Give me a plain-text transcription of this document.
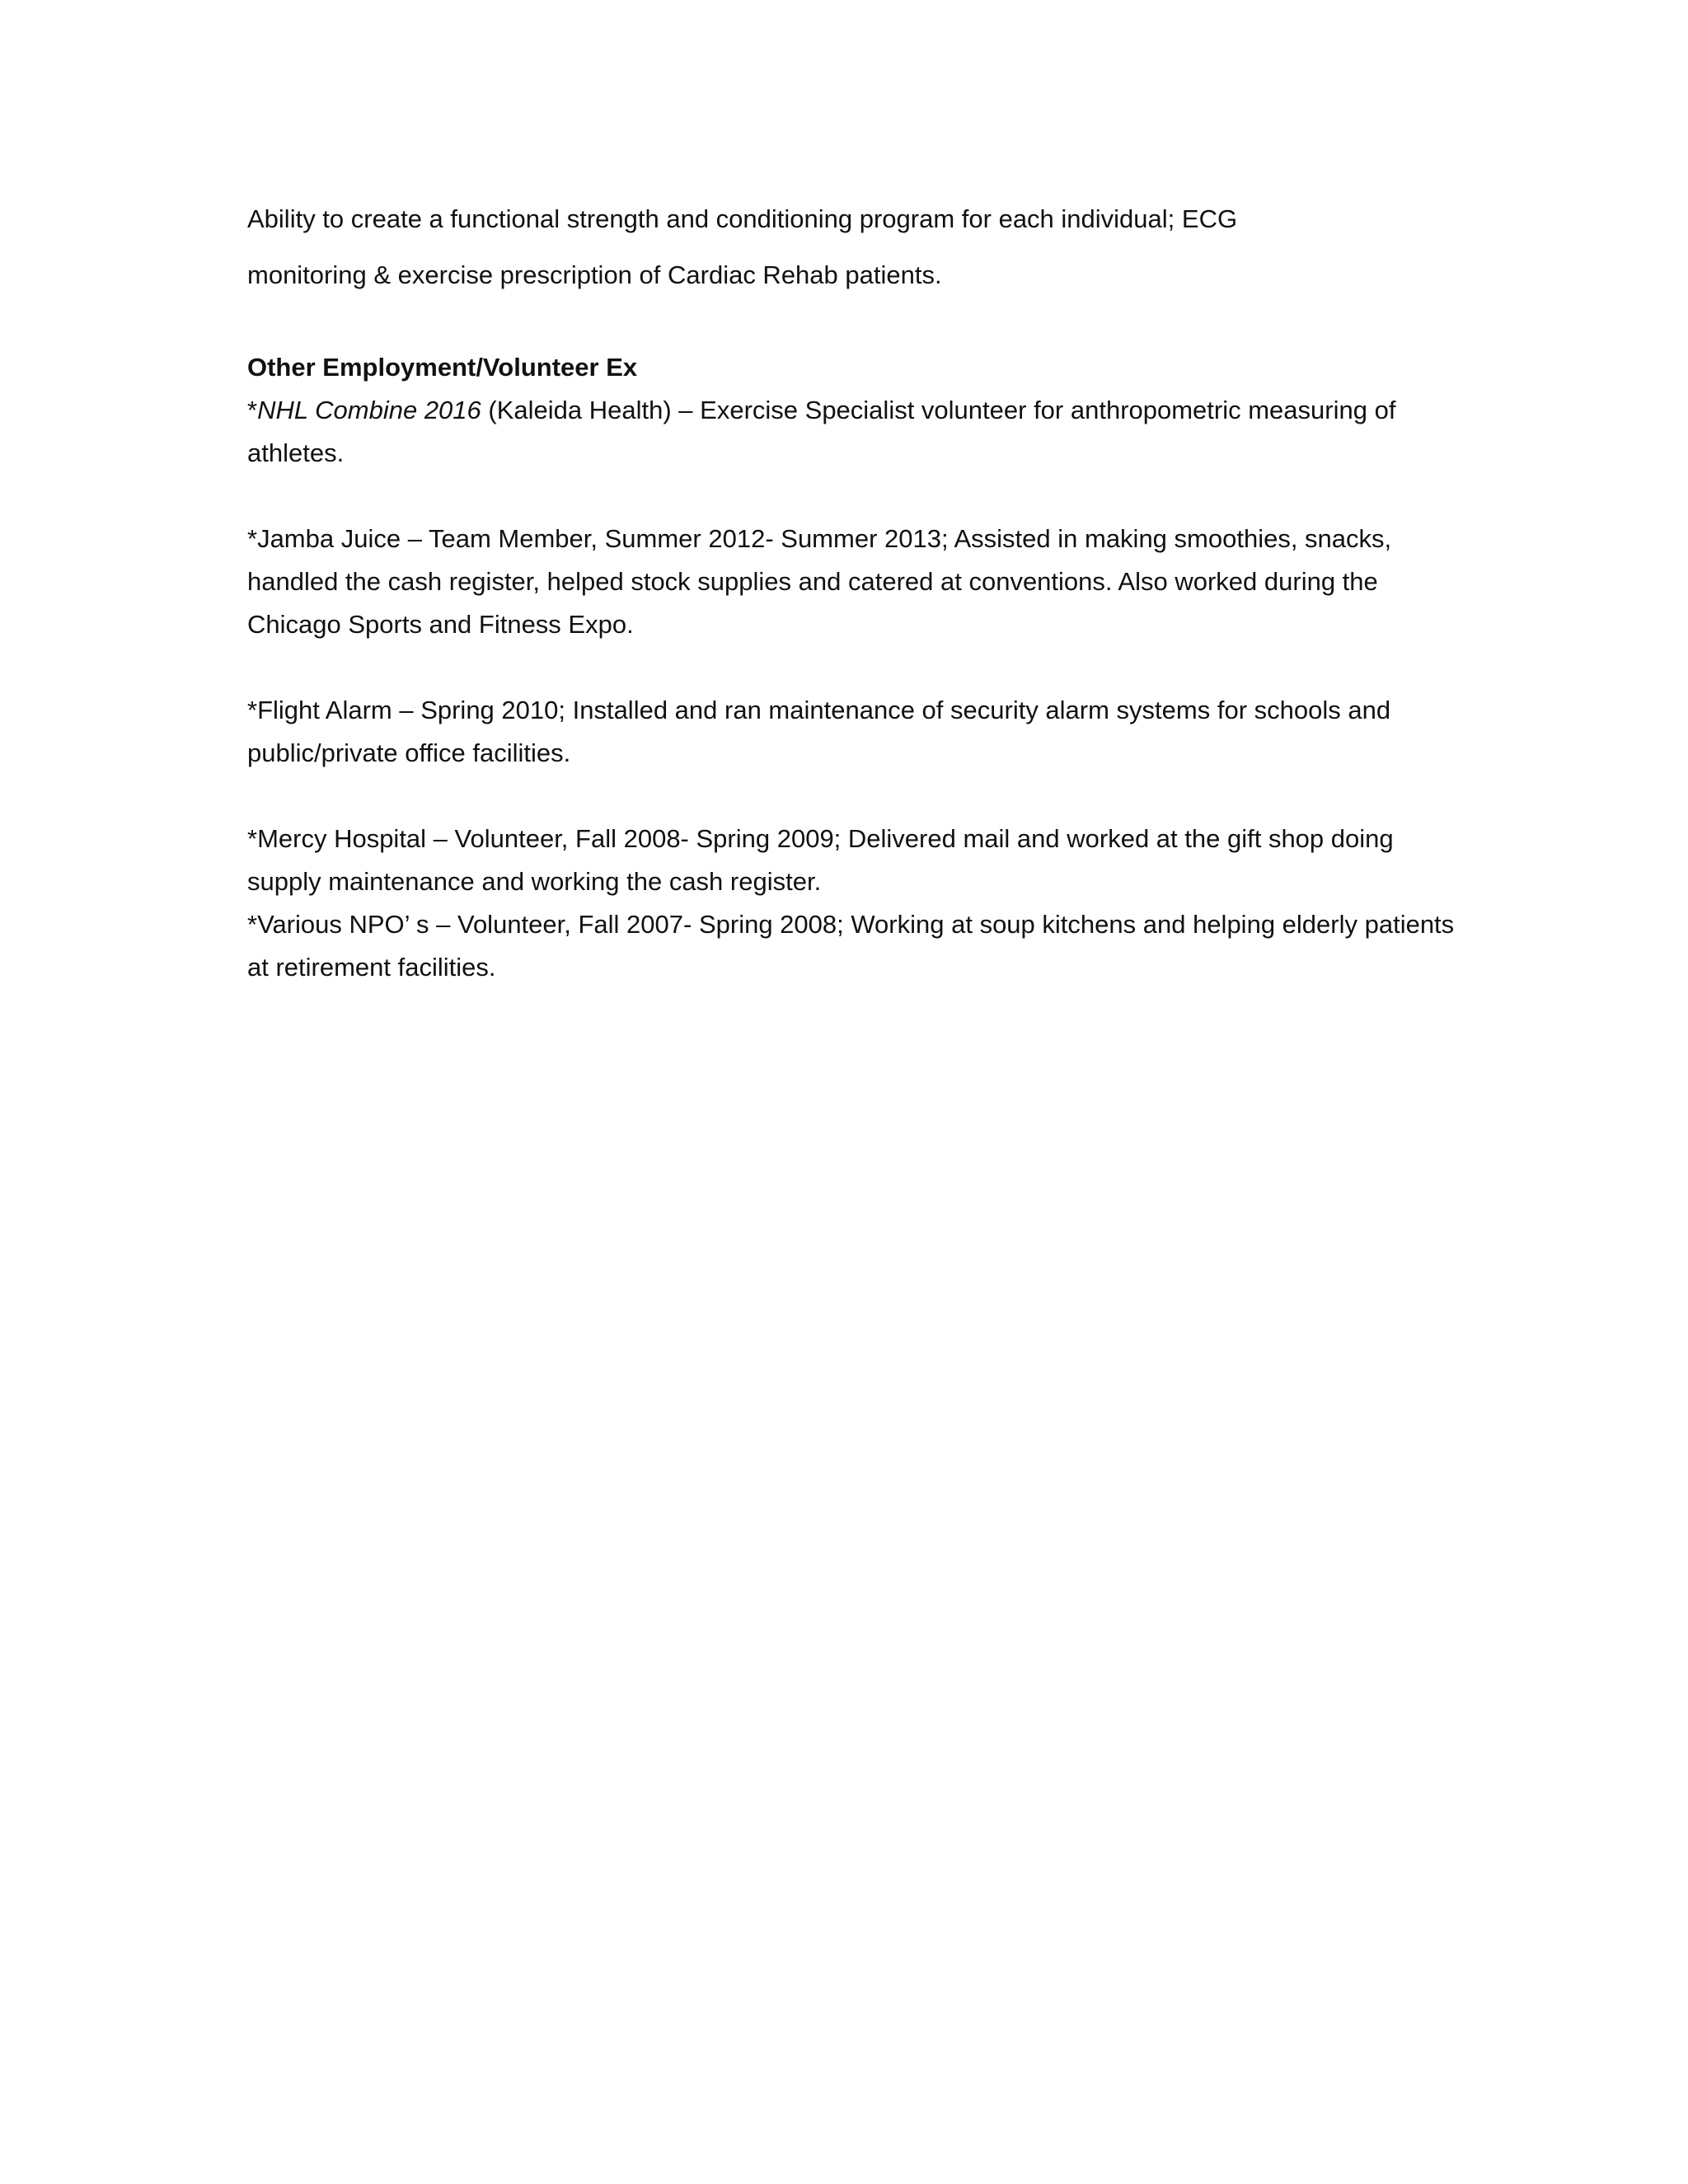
Ability to create a functional strength and conditioning program for each individual; ECG

monitoring & exercise prescription of Cardiac Rehab patients.

Other Employment/Volunteer Ex

*NHL Combine 2016 (Kaleida Health) – Exercise Specialist volunteer for anthropometric measuring of athletes.

*Jamba Juice – Team Member, Summer 2012- Summer 2013; Assisted in making smoothies, snacks, handled the cash register, helped stock supplies and catered at conventions. Also worked during the Chicago Sports and Fitness Expo.

*Flight Alarm – Spring 2010; Installed and ran maintenance of security alarm systems for schools and public/private office facilities.

*Mercy Hospital – Volunteer, Fall 2008- Spring 2009; Delivered mail and worked at the gift shop doing supply maintenance and working the cash register.

*Various NPO’ s – Volunteer, Fall 2007- Spring 2008; Working at soup kitchens and helping elderly patients at retirement facilities.
